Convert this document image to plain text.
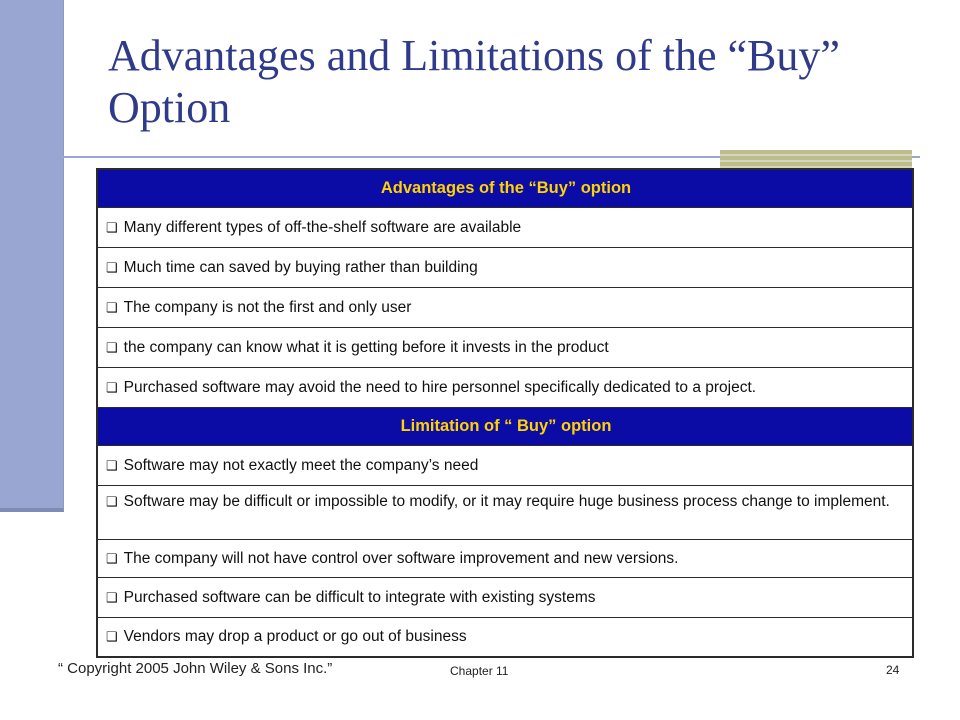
Advantages and Limitations of the “Buy” Option
Advantages of the “Buy” option
❑ Many different types of off-the-shelf software are available
❑ Much time can saved by buying rather than building
❑ The company is not the first and only user
❑ the company can know what it is getting before it invests in the product
❑ Purchased software may avoid the need to hire personnel specifically dedicated to a project.
Limitation of “ Buy” option
❑ Software may not exactly meet the company’s need
❑ Software may be difficult or impossible to modify, or it may require huge business process change to implement.
❑ The company will not have control over software improvement and new versions.
❑ Purchased software can be difficult to integrate with existing systems
❑ Vendors may drop a product or go out of business
“ Copyright 2005 John Wiley & Sons Inc.”	Chapter 11	24
